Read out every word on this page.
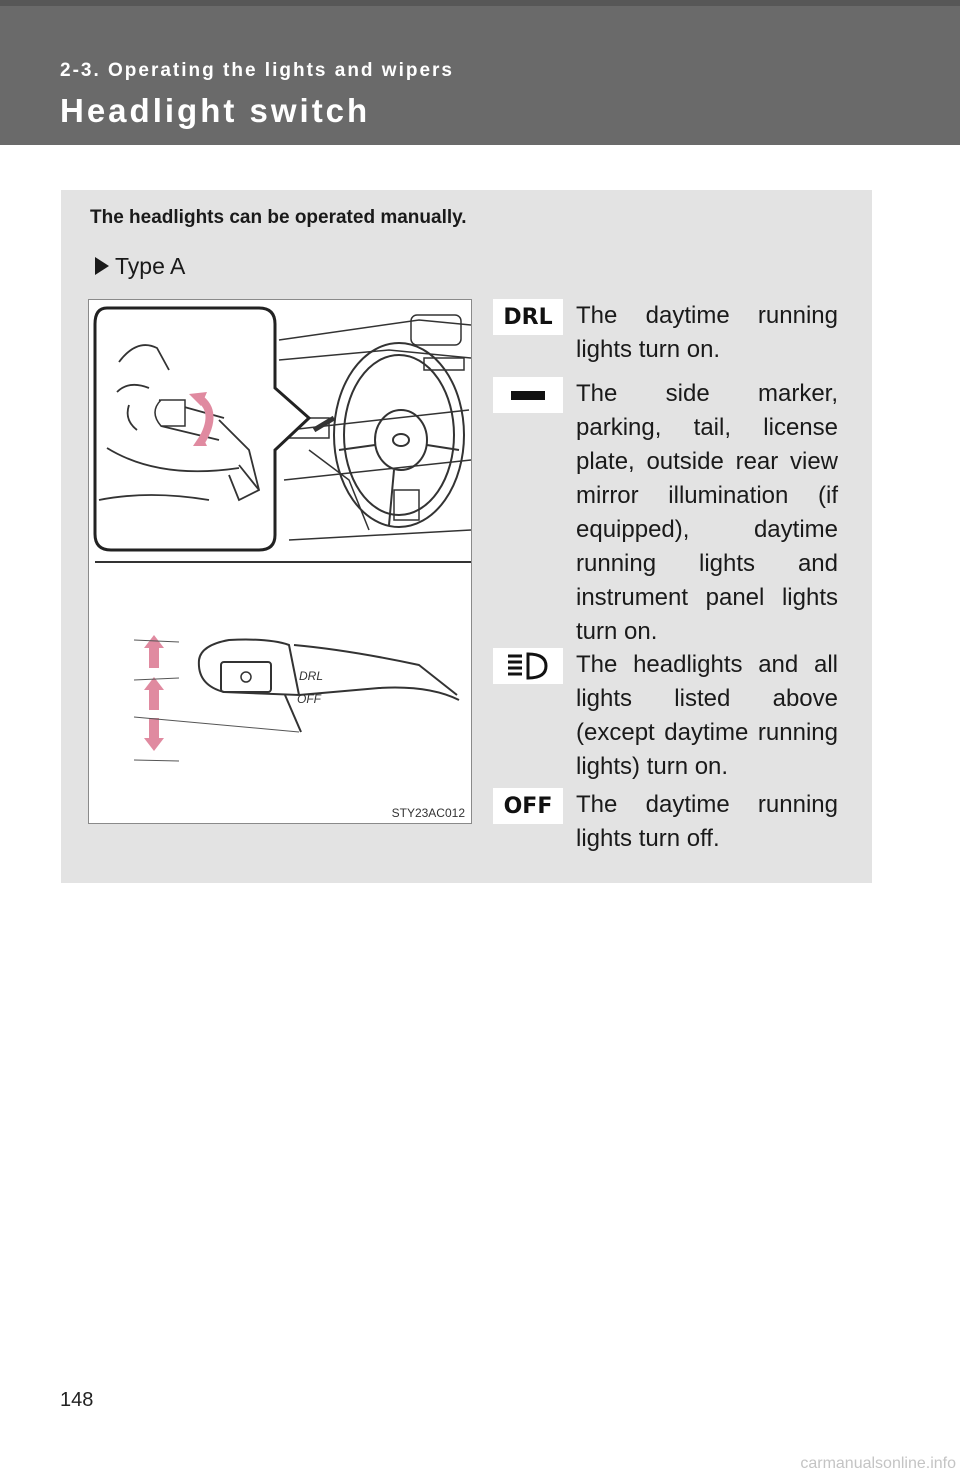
2-3. Operating the lights and wipers
Headlight switch
The headlights can be operated manually.
Type A
DRL
OFF
STY23AC012
DRL The daytime running lights turn on.
The side marker, parking, tail, license plate, outside rear view mirror illumination (if equipped), daytime running lights and instrument panel lights turn on.
The headlights and all lights listed above (except daytime running lights) turn on.
OFF The daytime running lights turn off.
148
carmanualsonline.info
